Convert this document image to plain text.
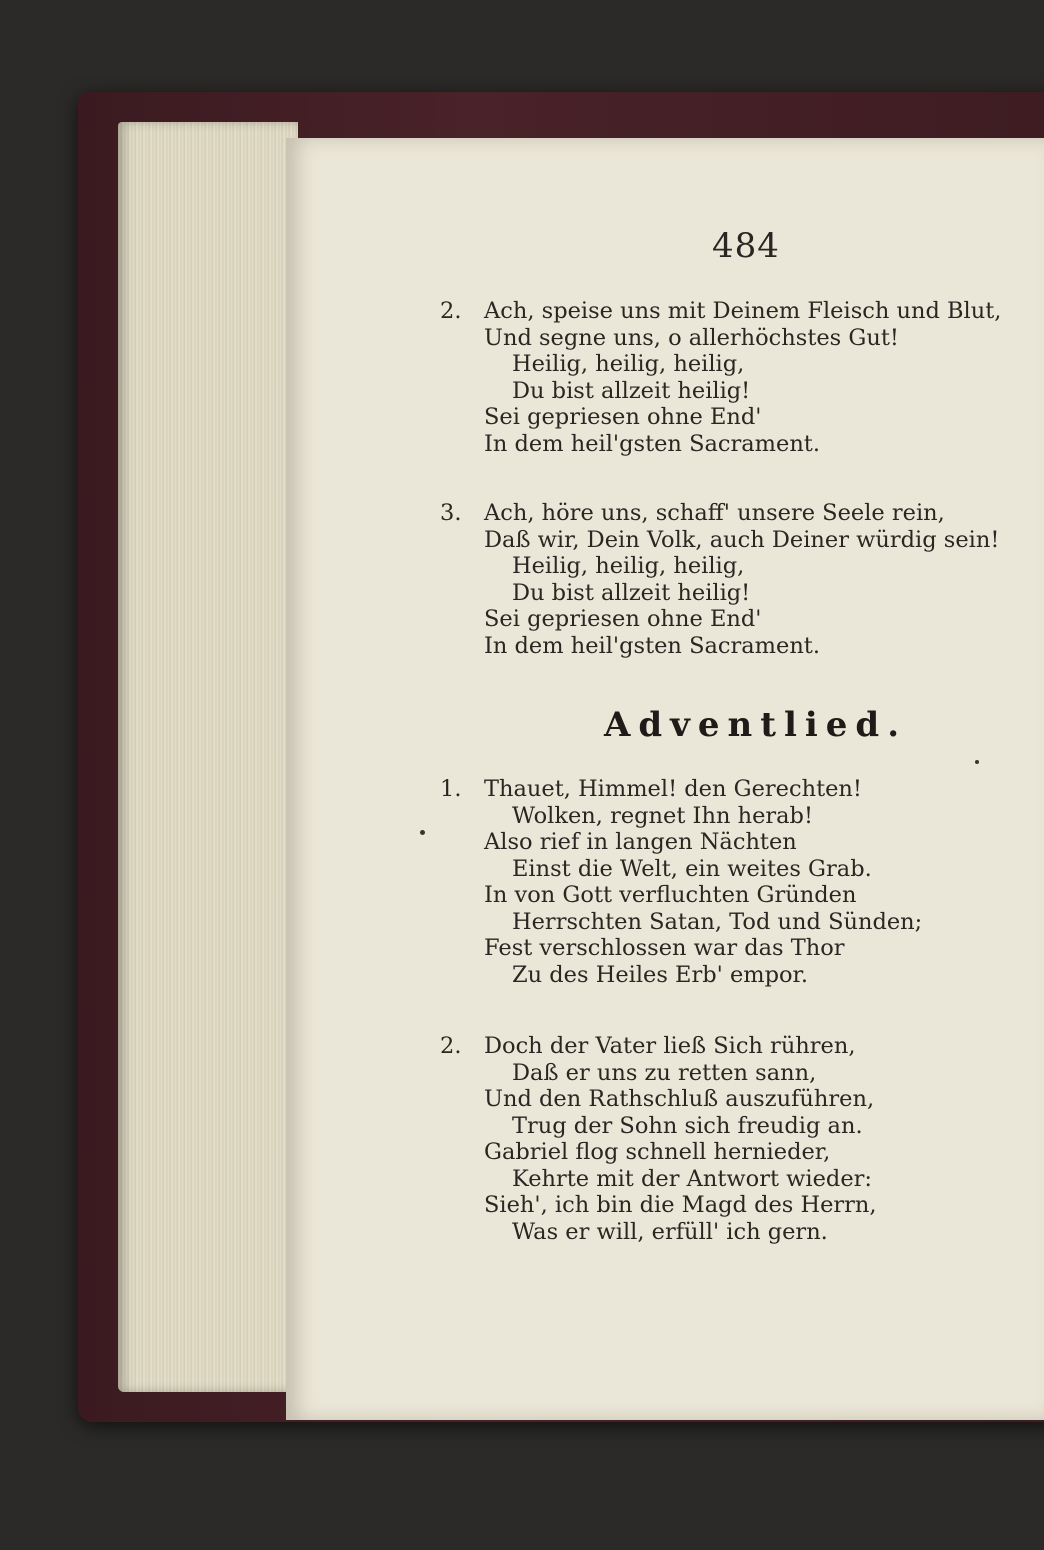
484
2.	Ach, speise uns mit Deinem Fleisch und Blut,
Und segne uns, o allerhöchstes Gut!
Heilig, heilig, heilig,
Du bist allzeit heilig!
Sei gepriesen ohne End'
In dem heil'gsten Sacrament.
3.	Ach, höre uns, schaff' unsere Seele rein,
Daß wir, Dein Volk, auch Deiner würdig sein!
Heilig, heilig, heilig,
Du bist allzeit heilig!
Sei gepriesen ohne End'
In dem heil'gsten Sacrament.
Adventlied.
1.	Thauet, Himmel! den Gerechten!
Wolken, regnet Ihn herab!
Also rief in langen Nächten
Einst die Welt, ein weites Grab.
In von Gott verfluchten Gründen
Herrschten Satan, Tod und Sünden;
Fest verschlossen war das Thor
Zu des Heiles Erb' empor.
2.	Doch der Vater ließ Sich rühren,
Daß er uns zu retten sann,
Und den Rathschluß auszuführen,
Trug der Sohn sich freudig an.
Gabriel flog schnell hernieder,
Kehrte mit der Antwort wieder:
Sieh', ich bin die Magd des Herrn,
Was er will, erfüll' ich gern.
